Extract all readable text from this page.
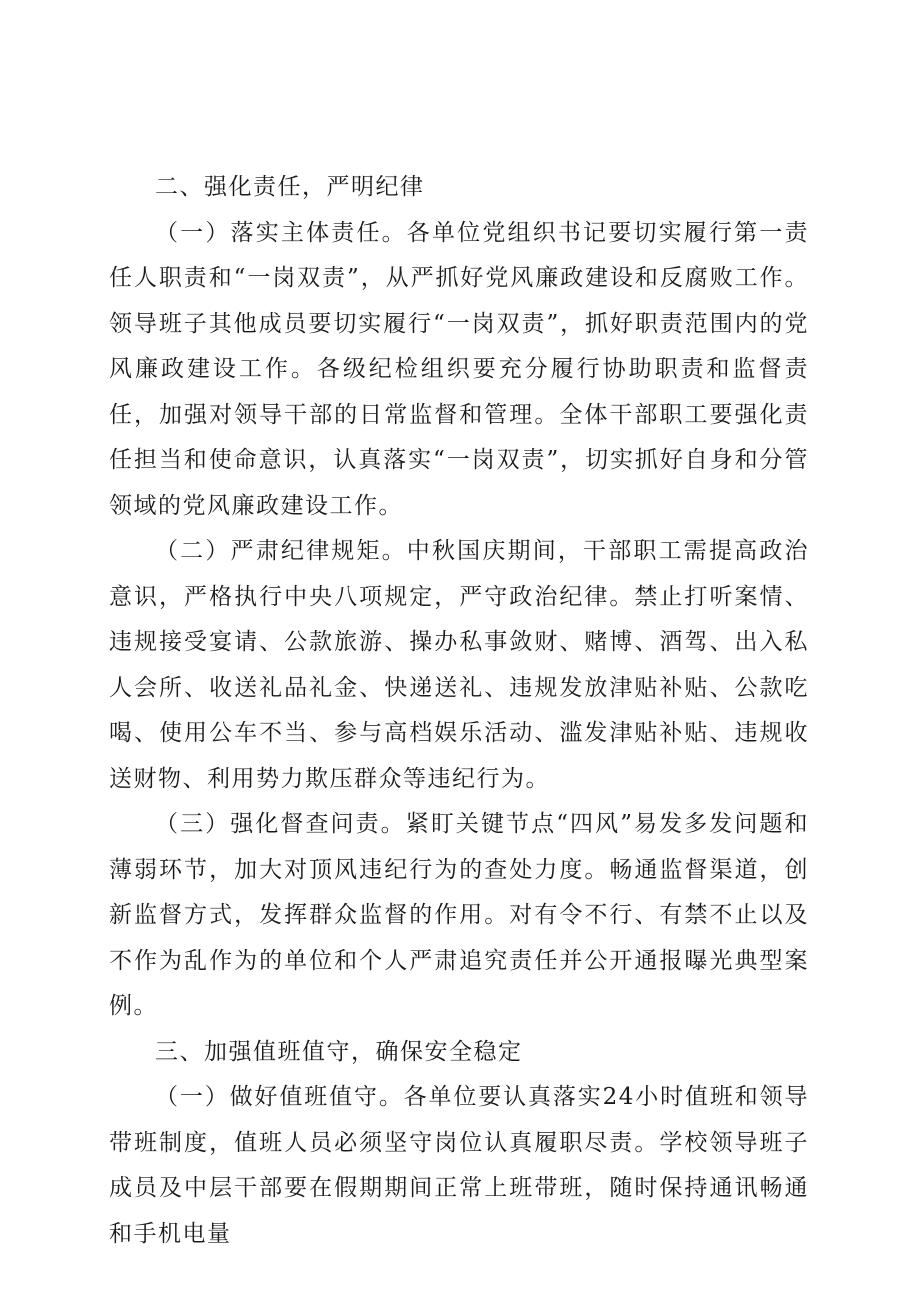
二、强化责任，严明纪律

（一）落实主体责任。各单位党组织书记要切实履行第一责任人职责和“一岗双责”，从严抓好党风廉政建设和反腐败工作。领导班子其他成员要切实履行“一岗双责”，抓好职责范围内的党风廉政建设工作。各级纪检组织要充分履行协助职责和监督责任，加强对领导干部的日常监督和管理。全体干部职工要强化责任担当和使命意识，认真落实“一岗双责”，切实抓好自身和分管领域的党风廉政建设工作。

（二）严肃纪律规矩。中秋国庆期间，干部职工需提高政治意识，严格执行中央八项规定，严守政治纪律。禁止打听案情、违规接受宴请、公款旅游、操办私事敛财、赌博、酒驾、出入私人会所、收送礼品礼金、快递送礼、违规发放津贴补贴、公款吃喝、使用公车不当、参与高档娱乐活动、滥发津贴补贴、违规收送财物、利用势力欺压群众等违纪行为。

（三）强化督查问责。紧盯关键节点“四风”易发多发问题和薄弱环节，加大对顶风违纪行为的查处力度。畅通监督渠道，创新监督方式，发挥群众监督的作用。对有令不行、有禁不止以及不作为乱作为的单位和个人严肃追究责任并公开通报曝光典型案例。

三、加强值班值守，确保安全稳定

（一）做好值班值守。各单位要认真落实24小时值班和领导带班制度，值班人员必须坚守岗位认真履职尽责。学校领导班子成员及中层干部要在假期期间正常上班带班，随时保持通讯畅通和手机电量
